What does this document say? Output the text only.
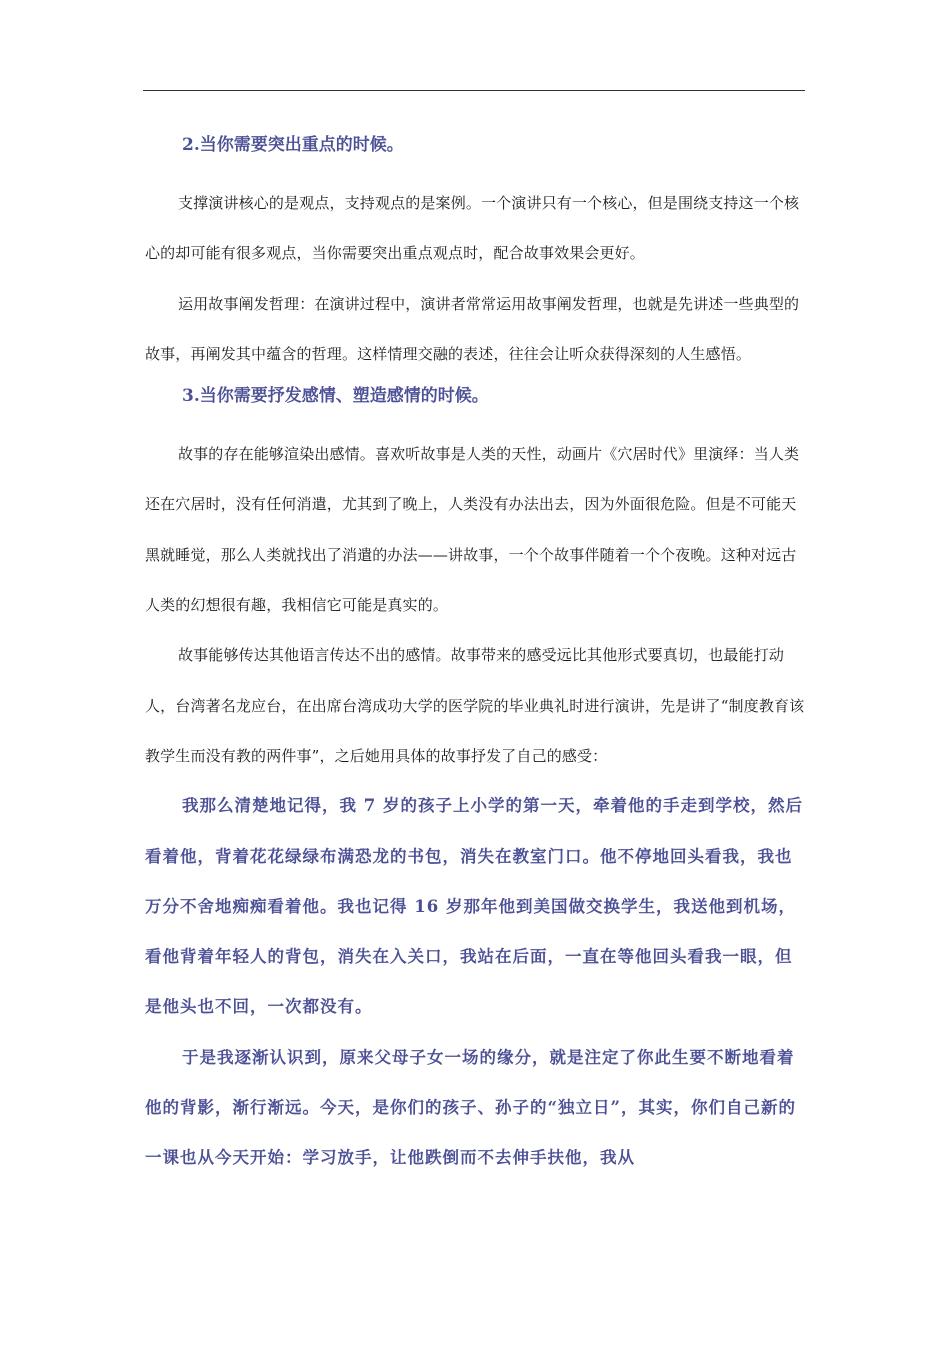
2.当你需要突出重点的时候。

支撑演讲核心的是观点，支持观点的是案例。一个演讲只有一个核心，但是围绕支持这一个核心的却可能有很多观点，当你需要突出重点观点时，配合故事效果会更好。

运用故事阐发哲理：在演讲过程中，演讲者常常运用故事阐发哲理，也就是先讲述一些典型的故事，再阐发其中蕴含的哲理。这样情理交融的表述，往往会让听众获得深刻的人生感悟。

3.当你需要抒发感情、塑造感情的时候。

故事的存在能够渲染出感情。喜欢听故事是人类的天性，动画片《穴居时代》里演绎：当人类还在穴居时，没有任何消遣，尤其到了晚上，人类没有办法出去，因为外面很危险。但是不可能天黑就睡觉，那么人类就找出了消遣的办法——讲故事，一个个故事伴随着一个个夜晚。这种对远古人类的幻想很有趣，我相信它可能是真实的。

故事能够传达其他语言传达不出的感情。故事带来的感受远比其他形式要真切，也最能打动人，台湾著名龙应台，在出席台湾成功大学的医学院的毕业典礼时进行演讲，先是讲了“制度教育该教学生而没有教的两件事”，之后她用具体的故事抒发了自己的感受：

我那么清楚地记得，我 7 岁的孩子上小学的第一天，牵着他的手走到学校，然后看着他，背着花花绿绿布满恐龙的书包，消失在教室门口。他不停地回头看我，我也万分不舍地痴痴看着他。我也记得 16 岁那年他到美国做交换学生，我送他到机场，看他背着年轻人的背包，消失在入关口，我站在后面，一直在等他回头看我一眼，但是他头也不回，一次都没有。

于是我逐渐认识到，原来父母子女一场的缘分，就是注定了你此生要不断地看着他的背影，渐行渐远。今天，是你们的孩子、孙子的“独立日”，其实，你们自己新的一课也从今天开始：学习放手，让他跌倒而不去伸手扶他，我从
